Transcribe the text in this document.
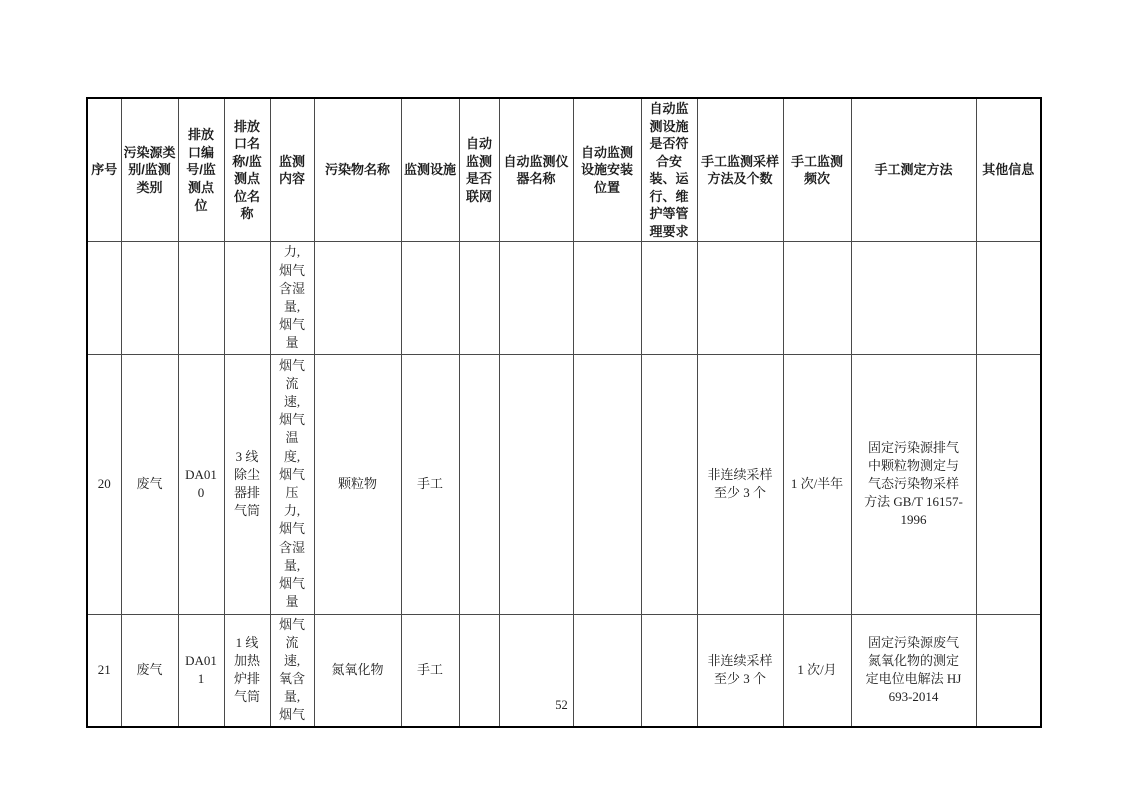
序号	污染源类别/监测类别	排放口编号/监测点位	排放口名称/监测点位名称	监测内容	污染物名称	监测设施	自动监测是否联网	自动监测仪器名称	自动监测设施安装位置	自动监测设施是否符合安装、运行、维护等管理要求	手工监测采样方法及个数	手工监测频次	手工测定方法	其他信息
				力,烟气含湿量,烟气量										
20	废气	DA010	3 线除尘器排气筒	烟气流速,烟气温度,烟气压力,烟气含湿量,烟气量	颗粒物	手工					非连续采样至少 3 个	1 次/半年	固定污染源排气中颗粒物测定与气态污染物采样方法 GB/T 16157-1996	
21	废气	DA011	1 线加热炉排气筒	烟气流速,氧含量,烟气	氮氧化物	手工					非连续采样至少 3 个	1 次/月	固定污染源废气氮氧化物的测定定电位电解法 HJ 693-2014	
52
